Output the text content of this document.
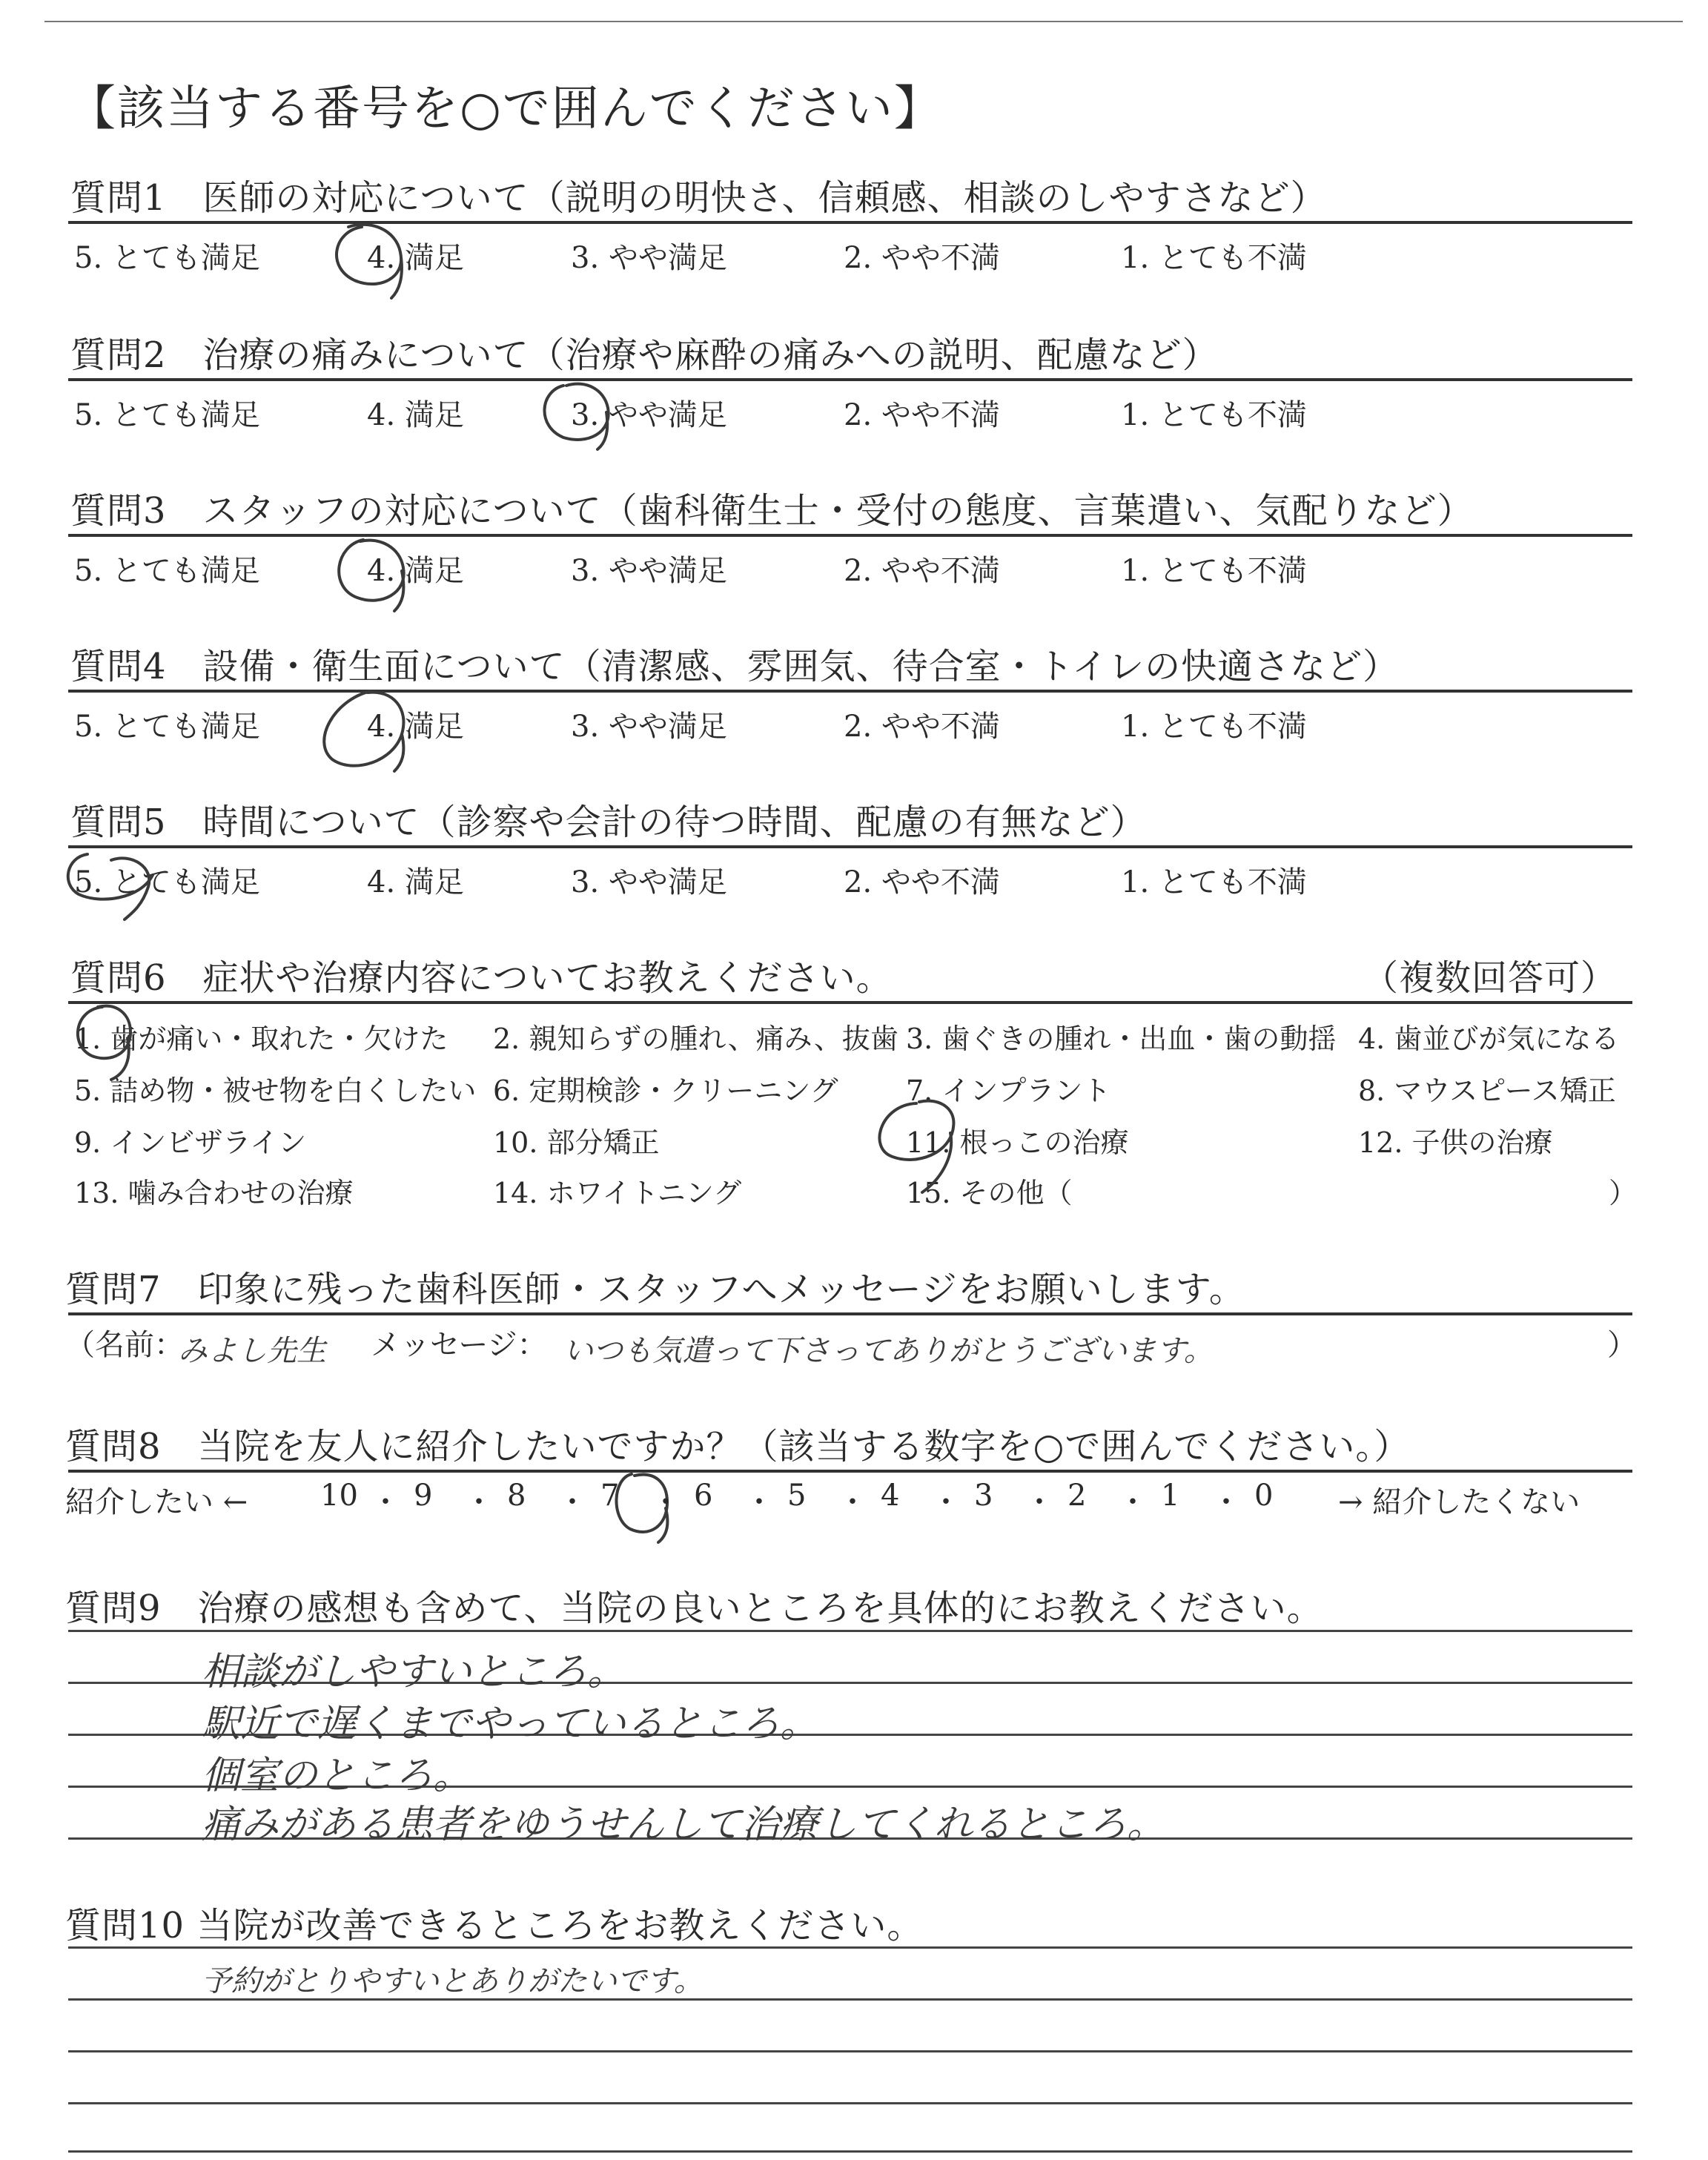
【該当する番号を○で囲んでください】
質問1　医師の対応について（説明の明快さ、信頼感、相談のしやすさなど）
5. とても満足	4. 満足	3. やや満足	2. やや不満	1. とても不満
質問2　治療の痛みについて（治療や麻酔の痛みへの説明、配慮など）
5. とても満足	4. 満足	3. やや満足	2. やや不満	1. とても不満
質問3　スタッフの対応について（歯科衛生士・受付の態度、言葉遣い、気配りなど）
5. とても満足	4. 満足	3. やや満足	2. やや不満	1. とても不満
質問4　設備・衛生面について（清潔感、雰囲気、待合室・トイレの快適さなど）
5. とても満足	4. 満足	3. やや満足	2. やや不満	1. とても不満
質問5　時間について（診察や会計の待つ時間、配慮の有無など）
5. とても満足	4. 満足	3. やや満足	2. やや不満	1. とても不満
質問6　症状や治療内容についてお教えください。	（複数回答可）
1. 歯が痛い・取れた・欠けた 2. 親知らずの腫れ、痛み、抜歯 3. 歯ぐきの腫れ・出血・歯の動揺 4. 歯並びが気になる
5. 詰め物・被せ物を白くしたい 6. 定期検診・クリーニング 7. インプラント	8. マウスピース矯正
9. インビザライン	10. 部分矯正	11. 根っこの治療	12. 子供の治療
13. 噛み合わせの治療	14. ホワイトニング	15. その他（	）
質問7　印象に残った歯科医師・スタッフへメッセージをお願いします。
（名前：
みよし先生 メッセージ： いつも気遣って下さってありがとうございます。	）
質問8　当院を友人に紹介したいですか？（該当する数字を○で囲んでください。）
紹介したい ←	→ 紹介したくない
質問9　治療の感想も含めて、当院の良いところを具体的にお教えください。
相談がしやすいところ。
駅近で遅くまでやっているところ。
個室のところ。
痛みがある患者をゆうせんして治療してくれるところ。
質問10 当院が改善できるところをお教えください。
予約がとりやすいとありがたいです。
10 ・ 9 ・ 8 ・ 7 ・ 6 ・ 5 ・ 4 ・ 3 ・ 2 ・ 1 ・ 0
